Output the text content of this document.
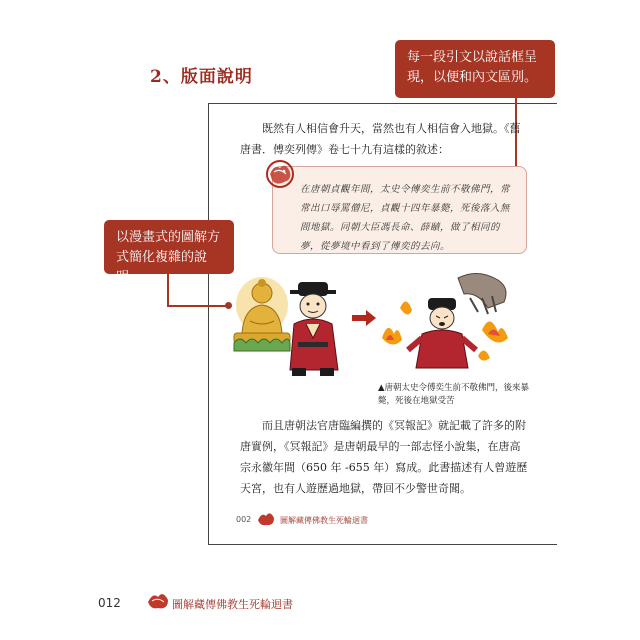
2、版面說明
每一段引文以說話框呈現，以便和內文區別。
以漫畫式的圖解方式簡化複雜的說明。
既然有人相信會升天，當然也有人相信會入地獄。《舊唐書．傅奕列傳》卷七十九有這樣的敘述：
在唐朝貞觀年間，太史令傅奕生前不敬佛門，常常出口辱罵僧尼，貞觀十四年暴斃，死後落入無間地獄。同朝大臣馮長命、薛賾，做了相同的夢，從夢境中看到了傅奕的去向。
▲唐朝太史令傅奕生前不敬佛門，後來暴斃，死後在地獄受苦
而且唐朝法官唐臨編撰的《冥報記》就記載了許多的附唐實例，《冥報記》是唐朝最早的一部志怪小說集，在唐高宗永徽年間（650 年 -655 年）寫成。此書描述有人曾遊歷天宮，也有人遊歷過地獄，帶回不少警世奇聞。
002	圖解藏傳佛教生死輪迴書
012	圖解藏傳佛教生死輪迴書
